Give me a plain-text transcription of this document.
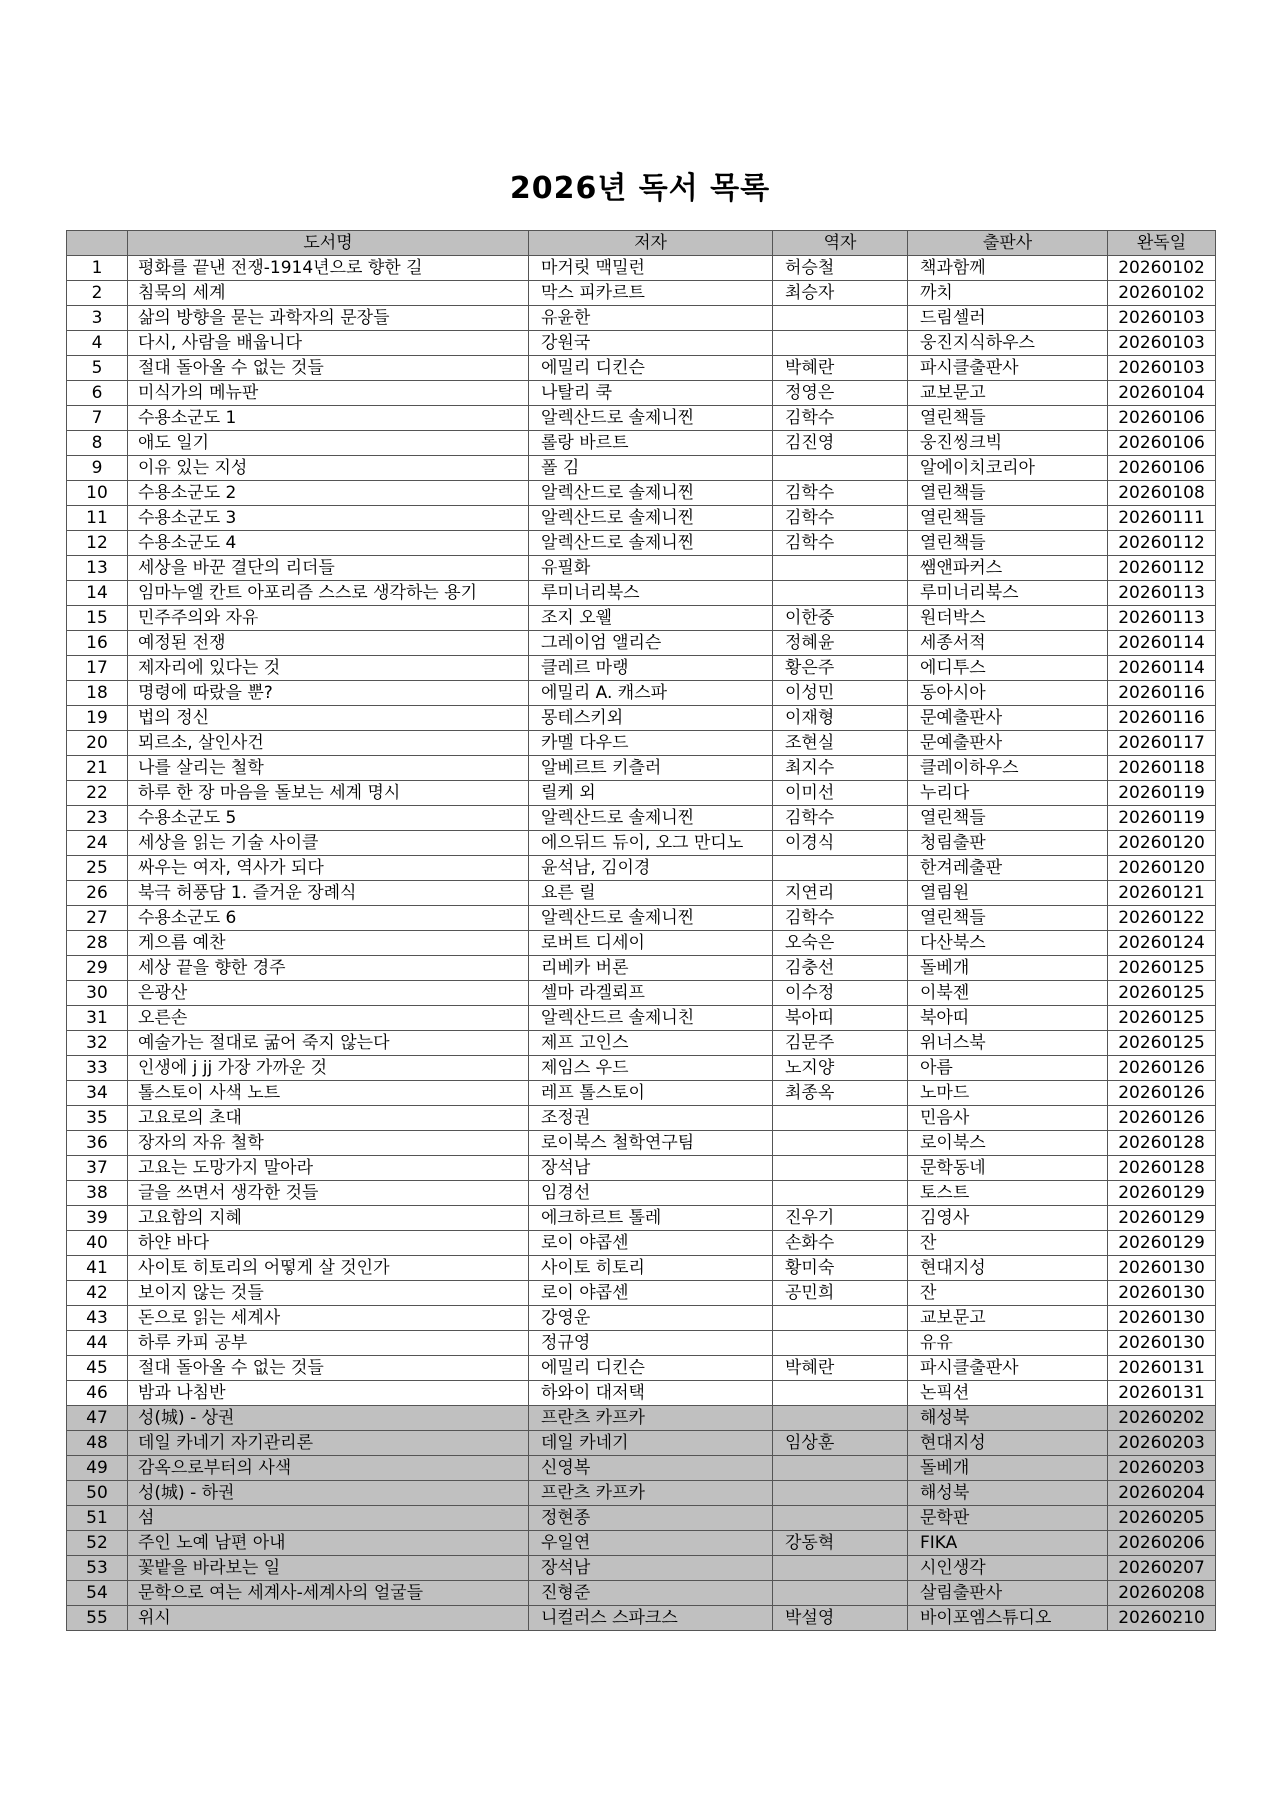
2026년 독서 목록
	도서명	저자	역자	출판사	완독일
1	평화를 끝낸 전쟁-1914년으로 향한 길	마거릿 맥밀런	허승철	책과함께	20260102
2	침묵의 세계	막스 피카르트	최승자	까치	20260102
3	삶의 방향을 묻는 과학자의 문장들	유윤한		드림셀러	20260103
4	다시, 사람을 배웁니다	강원국		웅진지식하우스	20260103
5	절대 돌아올 수 없는 것들	에밀리 디킨슨	박혜란	파시클출판사	20260103
6	미식가의 메뉴판	나탈리 쿡	정영은	교보문고	20260104
7	수용소군도 1	알렉산드로 솔제니찐	김학수	열린책들	20260106
8	애도 일기	롤랑 바르트	김진영	웅진씽크빅	20260106
9	이유 있는 지성	폴 김		알에이치코리아	20260106
10	수용소군도 2	알렉산드로 솔제니찐	김학수	열린책들	20260108
11	수용소군도 3	알렉산드로 솔제니찐	김학수	열린책들	20260111
12	수용소군도 4	알렉산드로 솔제니찐	김학수	열린책들	20260112
13	세상을 바꾼 결단의 리더들	유필화		쌤앤파커스	20260112
14	임마누엘 칸트 아포리즘 스스로 생각하는 용기	루미너리북스		루미너리북스	20260113
15	민주주의와 자유	조지 오웰	이한중	원더박스	20260113
16	예정된 전쟁	그레이엄 앨리슨	정혜윤	세종서적	20260114
17	제자리에 있다는 것	클레르 마랭	황은주	에디투스	20260114
18	명령에 따랐을 뿐?	에밀리 A. 캐스파	이성민	동아시아	20260116
19	법의 정신	몽테스키외	이재형	문예출판사	20260116
20	뫼르소, 살인사건	카멜 다우드	조현실	문예출판사	20260117
21	나를 살리는 철학	알베르트 키츨러	최지수	클레이하우스	20260118
22	하루 한 장 마음을 돌보는 세계 명시	릴케 외	이미선	누리다	20260119
23	수용소군도 5	알렉산드로 솔제니찐	김학수	열린책들	20260119
24	세상을 읽는 기술 사이클	에으뒤드 듀이, 오그 만디노	이경식	청림출판	20260120
25	싸우는 여자, 역사가 되다	윤석남, 김이경		한겨레출판	20260120
26	북극 허풍담 1. 즐거운 장례식	요른 릴	지연리	열림원	20260121
27	수용소군도 6	알렉산드로 솔제니찐	김학수	열린책들	20260122
28	게으름 예찬	로버트 디세이	오숙은	다산북스	20260124
29	세상 끝을 향한 경주	리베카 버론	김충선	돌베개	20260125
30	은광산	셀마 라겔뢰프	이수정	이북젠	20260125
31	오른손	알렉산드르 솔제니친	북아띠	북아띠	20260125
32	예술가는 절대로 굶어 죽지 않는다	제프 고인스	김문주	위너스북	20260125
33	인생에 j jj 가장 가까운 것	제임스 우드	노지양	아름	20260126
34	톨스토이 사색 노트	레프 톨스토이	최종옥	노마드	20260126
35	고요로의 초대	조정권		민음사	20260126
36	장자의 자유 철학	로이북스 철학연구팀		로이북스	20260128
37	고요는 도망가지 말아라	장석남		문학동네	20260128
38	글을 쓰면서 생각한 것들	임경선		토스트	20260129
39	고요함의 지혜	에크하르트 톨레	진우기	김영사	20260129
40	하얀 바다	로이 야콥센	손화수	잔	20260129
41	사이토 히토리의 어떻게 살 것인가	사이토 히토리	황미숙	현대지성	20260130
42	보이지 않는 것들	로이 야콥센	공민희	잔	20260130
43	돈으로 읽는 세계사	강영운		교보문고	20260130
44	하루 카피 공부	정규영		유유	20260130
45	절대 돌아올 수 없는 것들	에밀리 디킨슨	박혜란	파시클출판사	20260131
46	밤과 나침반	하와이 대저택		논픽션	20260131
47	성(城) - 상권	프란츠 카프카		해성북	20260202
48	데일 카네기 자기관리론	데일 카네기	임상훈	현대지성	20260203
49	감옥으로부터의 사색	신영복		돌베개	20260203
50	성(城) - 하권	프란츠 카프카		해성북	20260204
51	섬	정현종		문학판	20260205
52	주인 노예 남편 아내	우일연	강동혁	FIKA	20260206
53	꽃밭을 바라보는 일	장석남		시인생각	20260207
54	문학으로 여는 세계사-세계사의 얼굴들	진형준		살림출판사	20260208
55	위시	니컬러스 스파크스	박설영	바이포엠스튜디오	20260210
